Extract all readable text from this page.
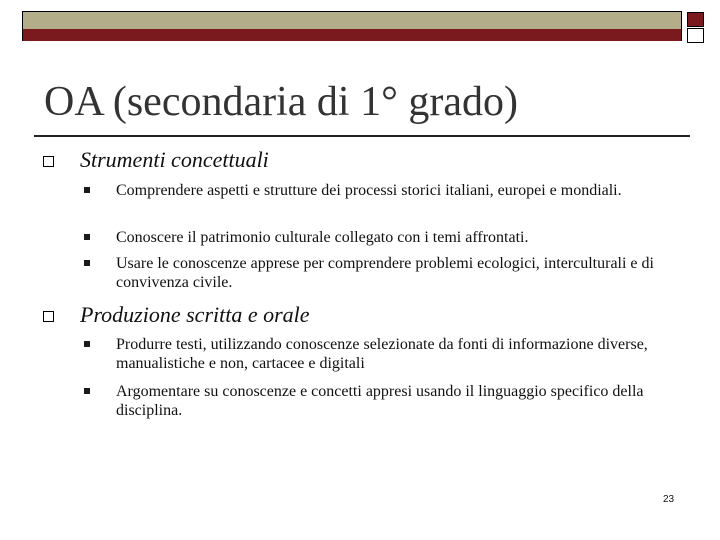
OA (secondaria di 1° grado)
Strumenti concettuali
Comprendere aspetti e strutture dei processi storici italiani, europei e mondiali.
Conoscere il patrimonio culturale collegato con i temi affrontati.
Usare le conoscenze apprese per comprendere problemi ecologici, interculturali e di convivenza civile.
Produzione scritta e orale
Produrre testi, utilizzando conoscenze selezionate da fonti di informazione diverse, manualistiche e non, cartacee e digitali
Argomentare su conoscenze e concetti appresi usando il linguaggio specifico della disciplina.
23
